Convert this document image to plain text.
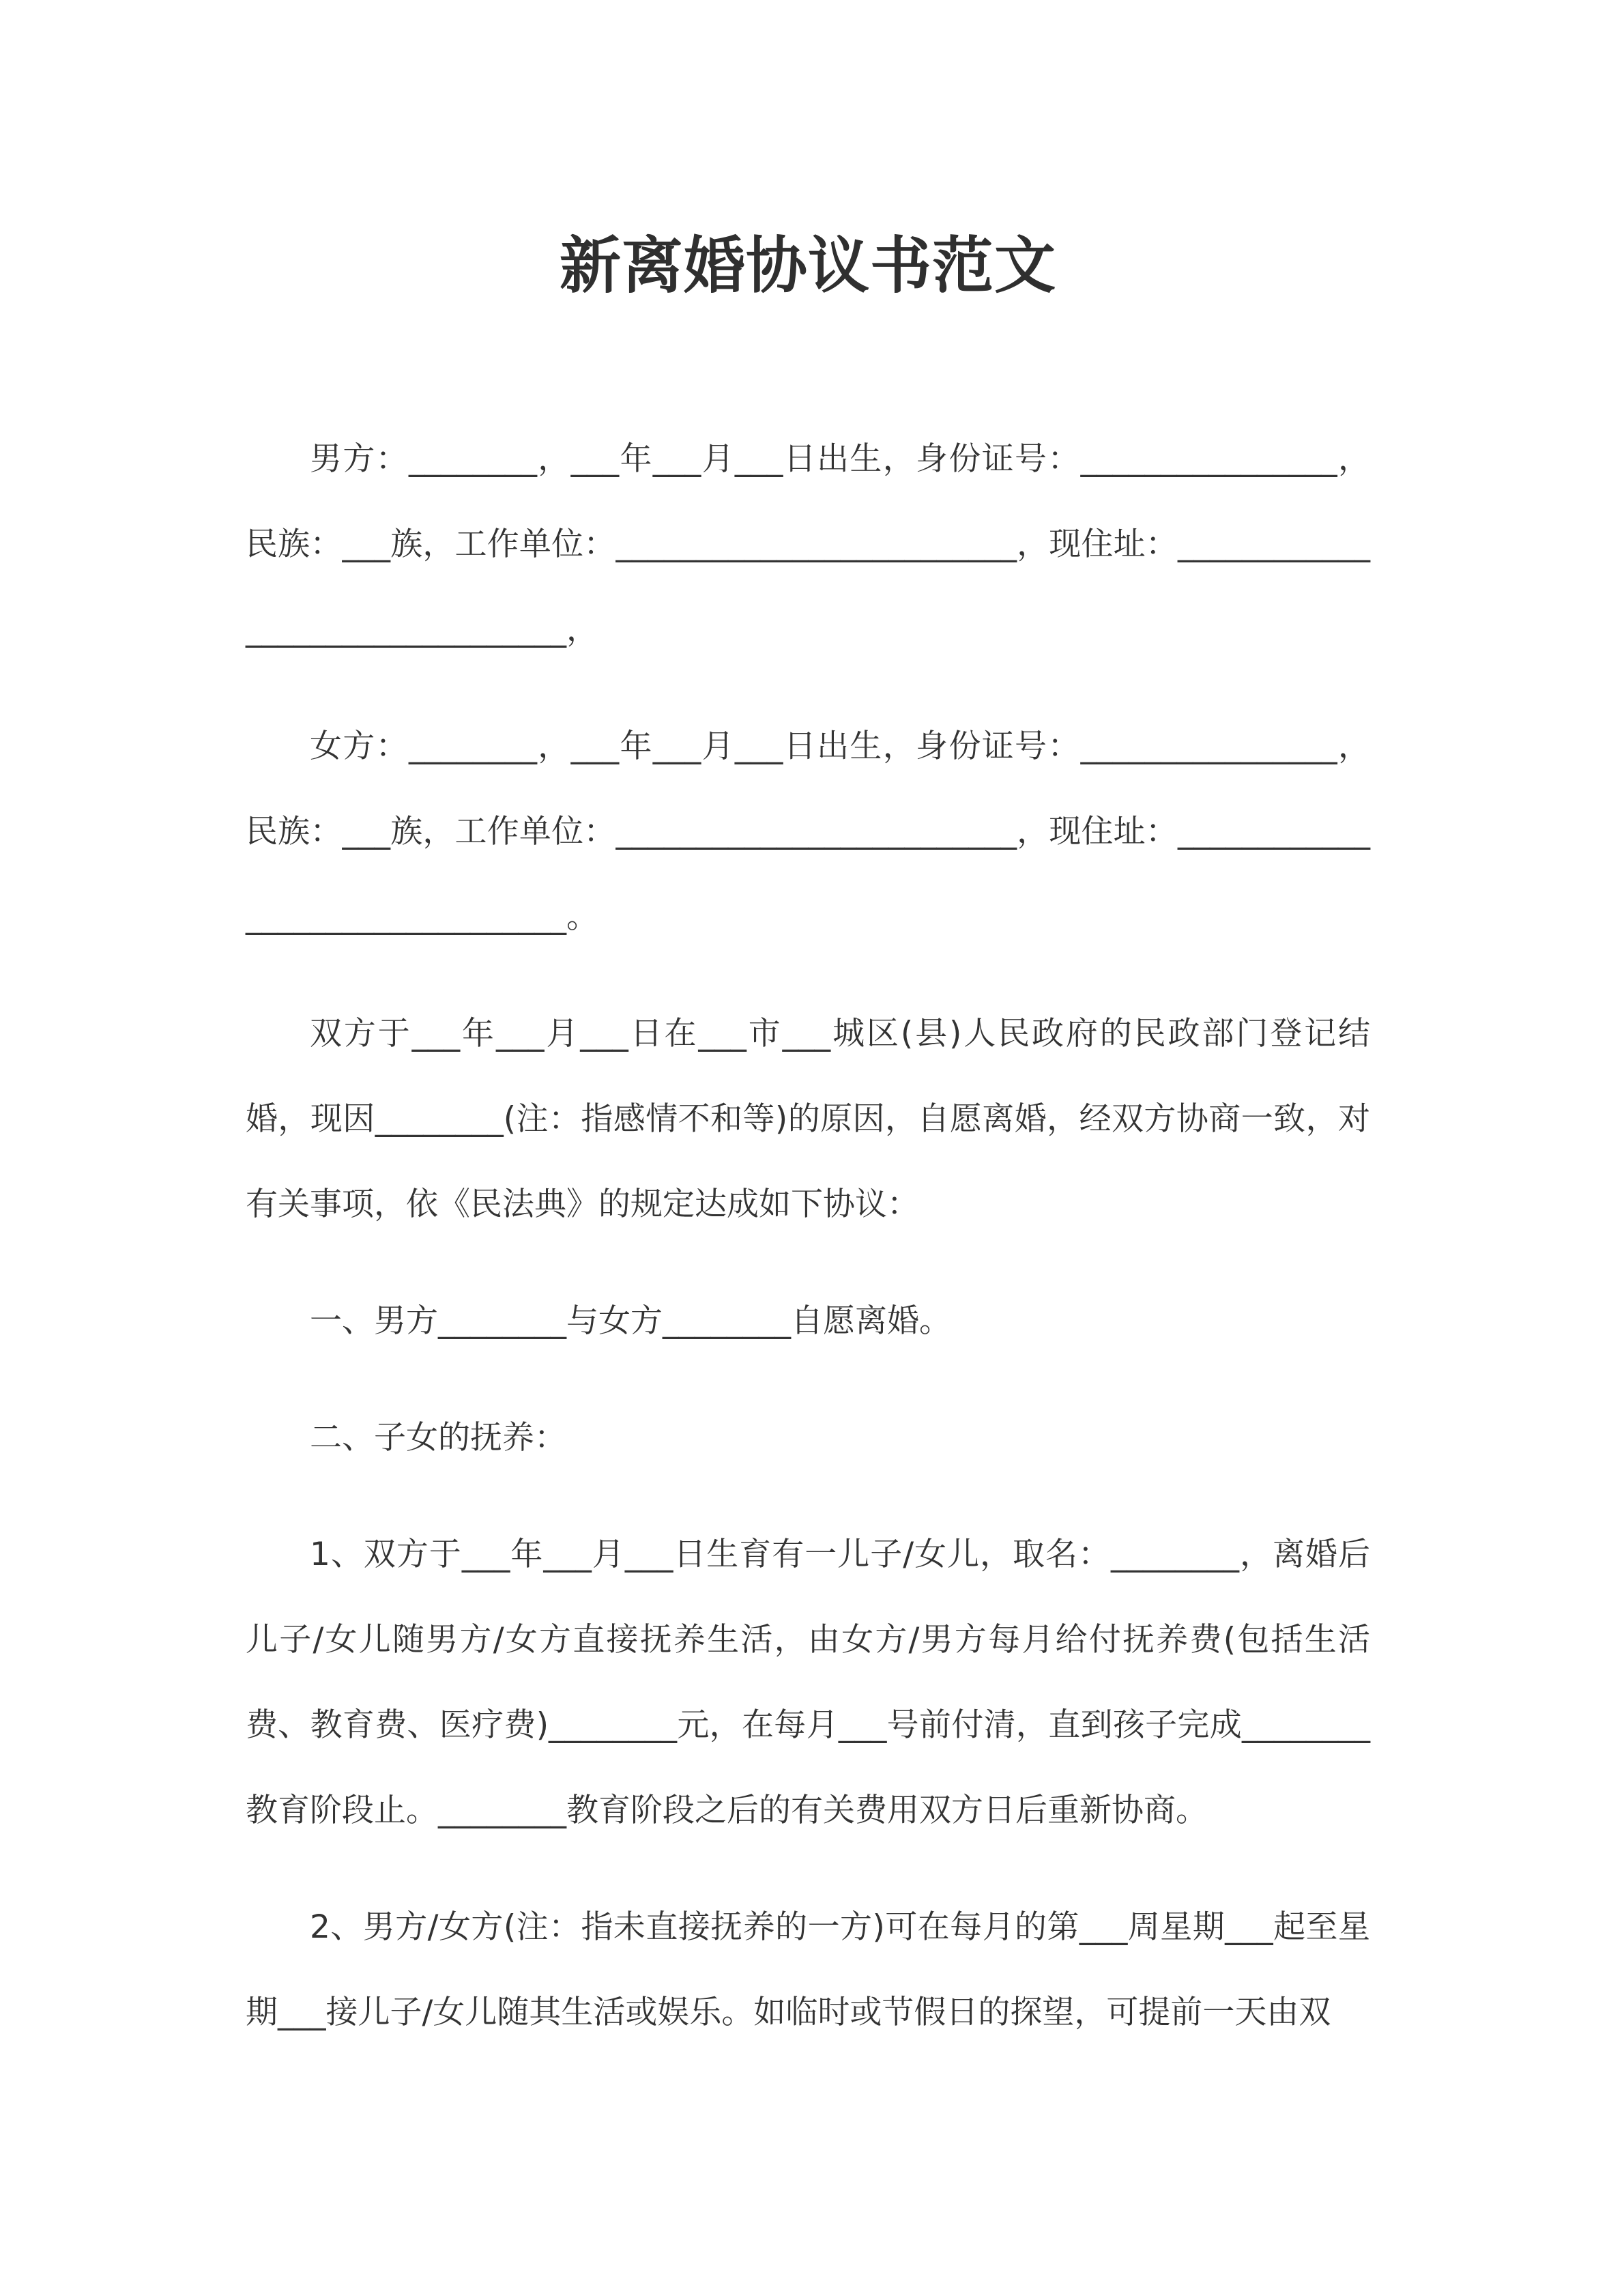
新离婚协议书范文

男方：________，___年___月___日出生，身份证号：________________，民族：___族，工作单位：_________________________，现住址：________________________________，

女方：________，___年___月___日出生，身份证号：________________，民族：___族，工作单位：_________________________，现住址：________________________________。

双方于___年___月___日在___市___城区(县)人民政府的民政部门登记结婚，现因________(注：指感情不和等)的原因，自愿离婚，经双方协商一致，对有关事项，依《民法典》的规定达成如下协议：

一、男方________与女方________自愿离婚。

二、子女的抚养：

1、双方于___年___月___日生育有一儿子/女儿，取名：________，离婚后儿子/女儿随男方/女方直接抚养生活，由女方/男方每月给付抚养费(包括生活费、教育费、医疗费)________元，在每月___号前付清，直到孩子完成________教育阶段止。________教育阶段之后的有关费用双方日后重新协商。

2、男方/女方(注：指未直接抚养的一方)可在每月的第___周星期___起至星期___接儿子/女儿随其生活或娱乐。如临时或节假日的探望，可提前一天由双
